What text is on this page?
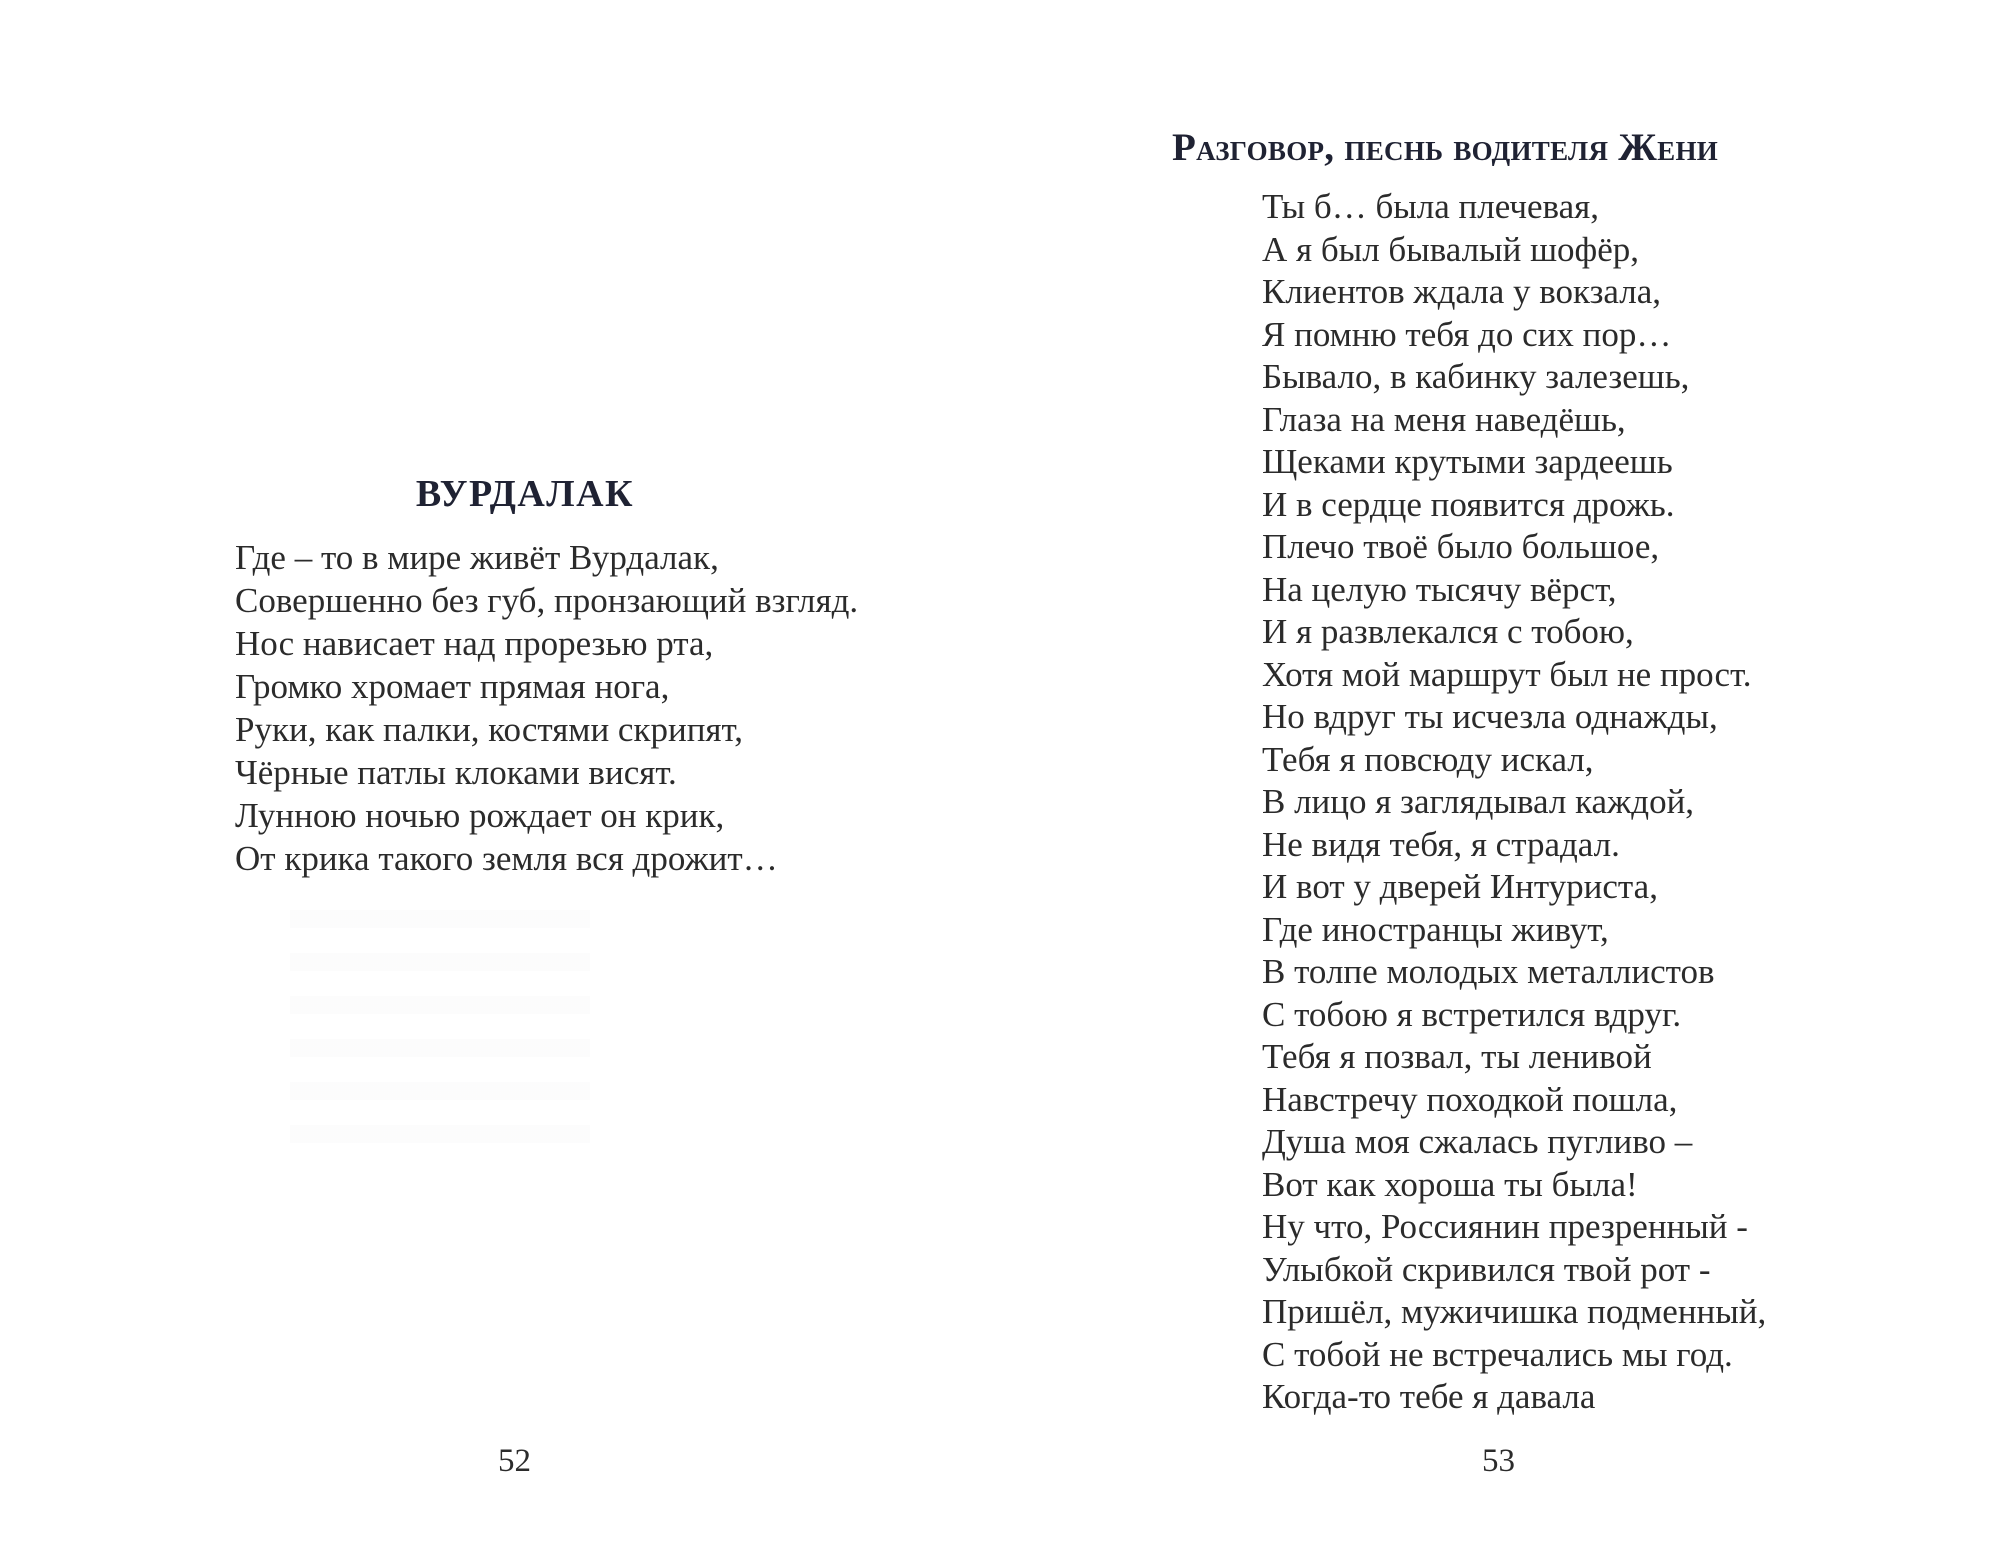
ВУРДАЛАК
Где – то в мире живёт Вурдалак,
Совершенно без губ, пронзающий взгляд.
Нос нависает над прорезью рта,
Громко хромает прямая нога,
Руки, как палки, костями скрипят,
Чёрные патлы клоками висят.
Лунною ночью рождает он крик,
От крика такого земля вся дрожит…
52
Разговор, песнь водителя Жени
Ты б… была плечевая,
А я был бывалый шофёр,
Клиентов ждала у вокзала,
Я помню тебя до сих пор…
Бывало, в кабинку залезешь,
Глаза на меня наведёшь,
Щеками крутыми зардеешь
И в сердце появится дрожь.
Плечо твоё было большое,
На целую тысячу вёрст,
И я развлекался с тобою,
Хотя мой маршрут был не прост.
Но вдруг ты исчезла однажды,
Тебя я повсюду искал,
В лицо я заглядывал каждой,
Не видя тебя, я страдал.
И вот у дверей Интуриста,
Где иностранцы живут,
В толпе молодых металлистов
С тобою я встретился вдруг.
Тебя я позвал, ты ленивой
Навстречу походкой пошла,
Душа моя сжалась пугливо –
Вот как хороша ты была!
Ну что, Россиянин презренный -
Улыбкой скривился твой рот -
Пришёл, мужичишка подменный,
С тобой не встречались мы год.
Когда-то тебе я давала
53
